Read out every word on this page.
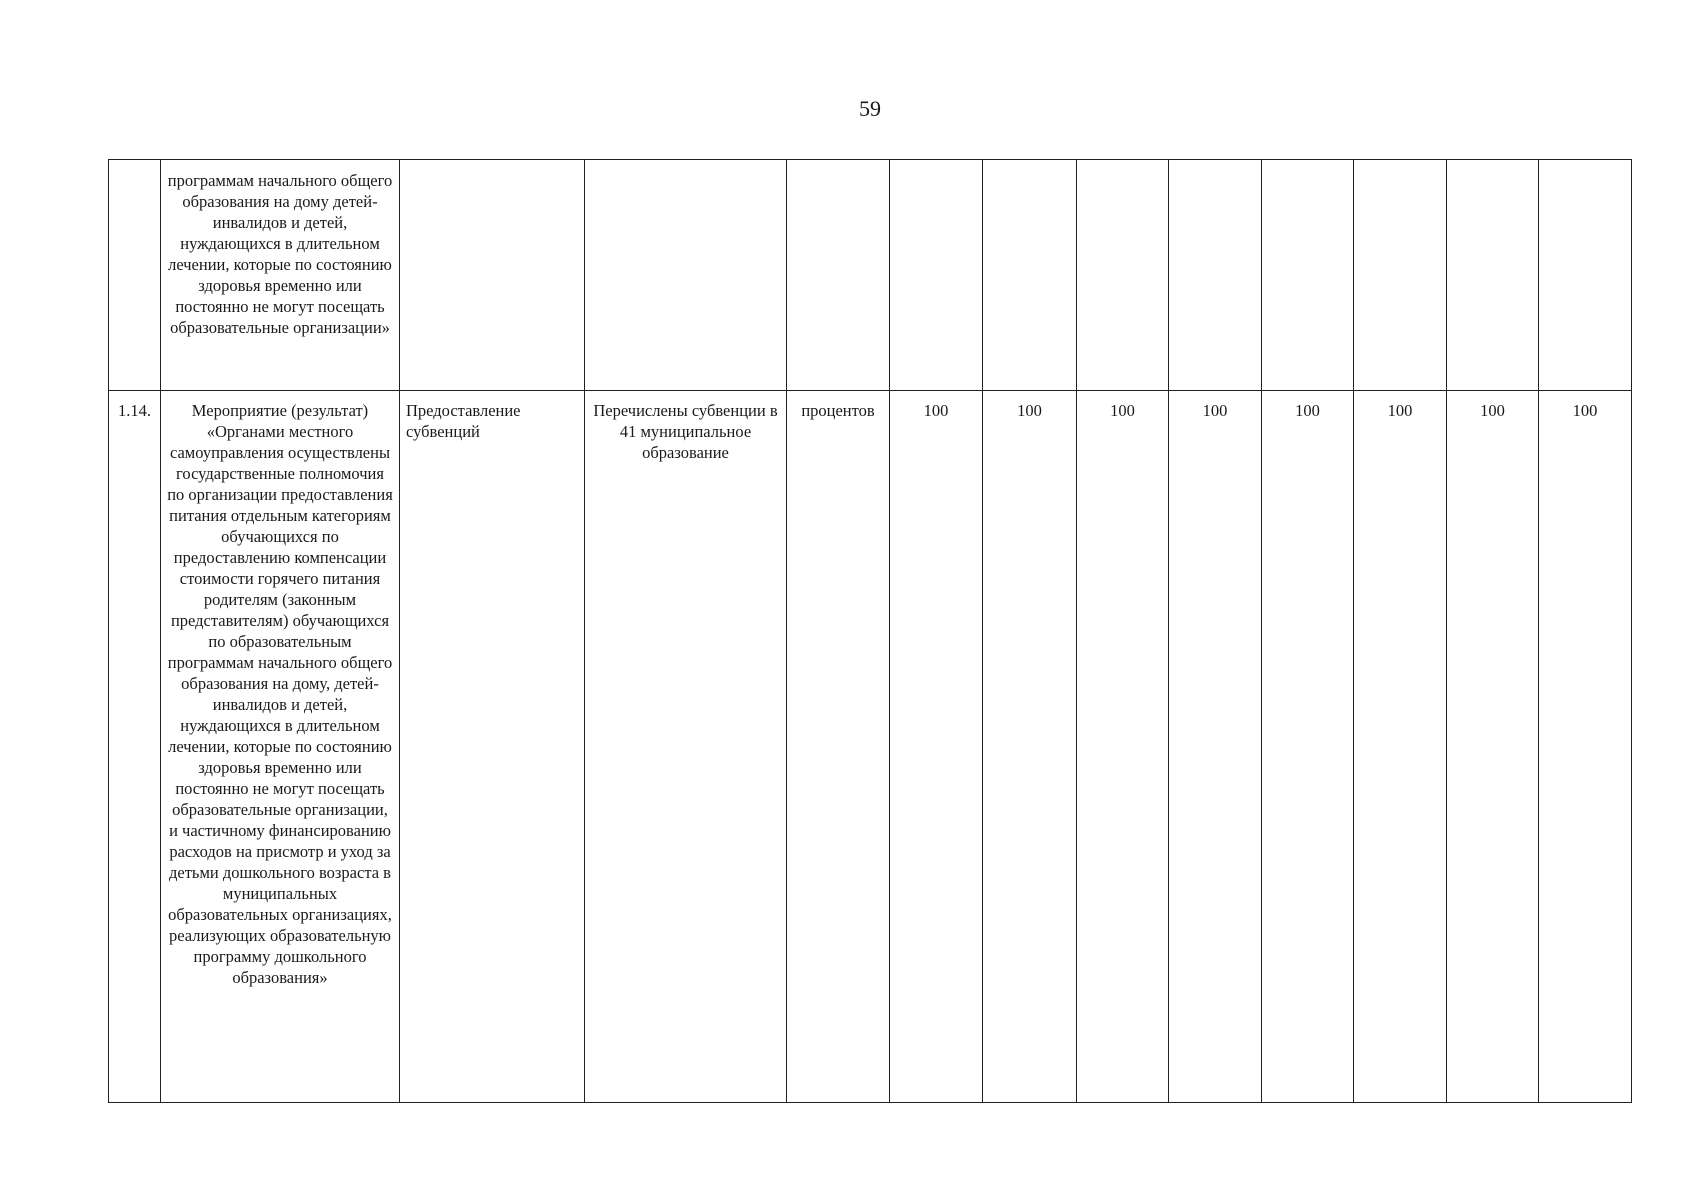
59
	программам начального общего образования на дому детей-инвалидов и детей, нуждающихся в длительном лечении, которые по состоянию здоровья временно или постоянно не могут посещать образовательные организации»											
1.14.	Мероприятие (результат) «Органами местного самоуправления осуществлены государственные полномочия по организации предоставления питания отдельным категориям обучающихся по предоставлению компенсации стоимости горячего питания родителям (законным представителям) обучающихся по образовательным программам начального общего образования на дому, детей-инвалидов и детей, нуждающихся в длительном лечении, которые по состоянию здоровья временно или постоянно не могут посещать образовательные организации, и частичному финансированию расходов на присмотр и уход за детьми дошкольного возраста в муниципальных образовательных организациях, реализующих образовательную программу дошкольного образования»	Предоставление субвенций	Перечислены субвенции в 41 муниципальное образование	процентов	100	100	100	100	100	100	100	100
